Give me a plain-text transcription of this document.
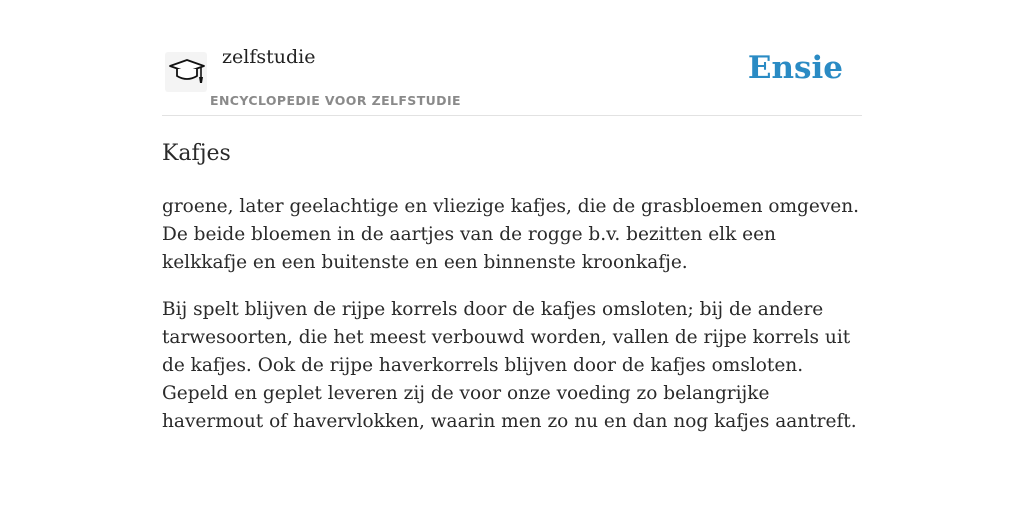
zelfstudie
ENCYCLOPEDIE VOOR ZELFSTUDIE
Ensie
Kafjes

groene, later geelachtige en vliezige kafjes, die de grasbloemen omgeven. De beide bloemen in de aartjes van de rogge b.v. bezitten elk een kelkkafje en een buitenste en een binnenste kroonkafje.

Bij spelt blijven de rijpe korrels door de kafjes omsloten; bij de andere tarwesoorten, die het meest verbouwd worden, vallen de rijpe korrels uit de kafjes. Ook de rijpe haverkorrels blijven door de kafjes omsloten. Gepeld en geplet leveren zij de voor onze voeding zo belangrijke havermout of havervlokken, waarin men zo nu en dan nog kafjes aantreft.
